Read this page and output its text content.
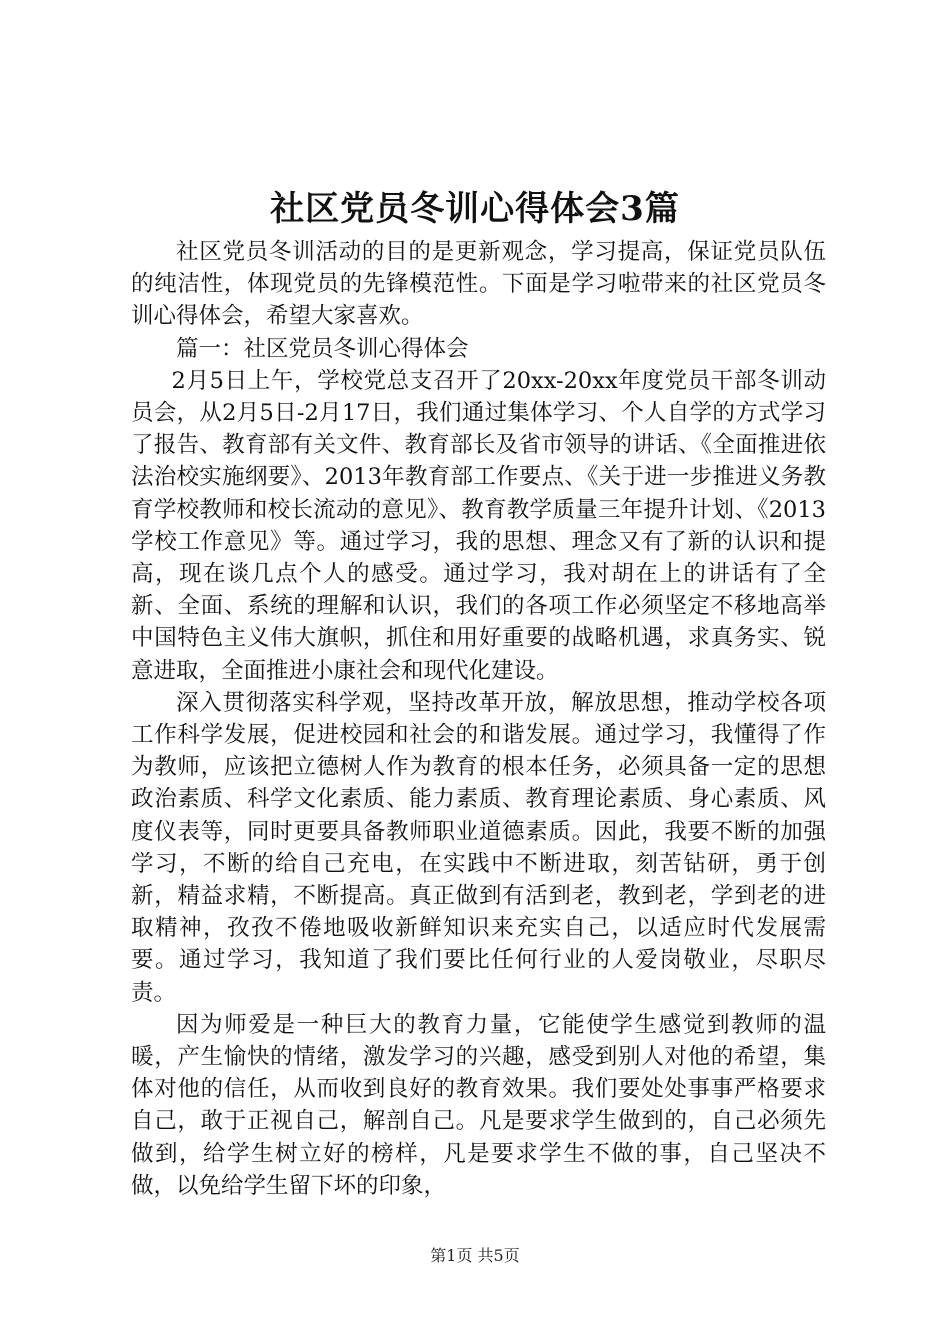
社区党员冬训心得体会3篇

社区党员冬训活动的目的是更新观念，学习提高，保证党员队伍的纯洁性，体现党员的先锋模范性。下面是学习啦带来的社区党员冬训心得体会，希望大家喜欢。

篇一：社区党员冬训心得体会

2月5日上午，学校党总支召开了20xx-20xx年度党员干部冬训动员会，从2月5日-2月17日，我们通过集体学习、个人自学的方式学习了报告、教育部有关文件、教育部长及省市领导的讲话、《全面推进依法治校实施纲要》、2013年教育部工作要点、《关于进一步推进义务教育学校教师和校长流动的意见》、教育教学质量三年提升计划、《2013学校工作意见》等。通过学习，我的思想、理念又有了新的认识和提高，现在谈几点个人的感受。通过学习，我对胡在上的讲话有了全新、全面、系统的理解和认识，我们的各项工作必须坚定不移地高举中国特色主义伟大旗帜，抓住和用好重要的战略机遇，求真务实、锐意进取，全面推进小康社会和现代化建设。

深入贯彻落实科学观，坚持改革开放，解放思想，推动学校各项工作科学发展，促进校园和社会的和谐发展。通过学习，我懂得了作为教师，应该把立德树人作为教育的根本任务，必须具备一定的思想政治素质、科学文化素质、能力素质、教育理论素质、身心素质、风度仪表等，同时更要具备教师职业道德素质。因此，我要不断的加强学习，不断的给自己充电，在实践中不断进取，刻苦钻研，勇于创新，精益求精，不断提高。真正做到有活到老，教到老，学到老的进取精神，孜孜不倦地吸收新鲜知识来充实自己，以适应时代发展需要。通过学习，我知道了我们要比任何行业的人爱岗敬业，尽职尽责。

因为师爱是一种巨大的教育力量，它能使学生感觉到教师的温暖，产生愉快的情绪，激发学习的兴趣，感受到别人对他的希望，集体对他的信任，从而收到良好的教育效果。我们要处处事事严格要求自己，敢于正视自己，解剖自己。凡是要求学生做到的，自己必须先做到，给学生树立好的榜样，凡是要求学生不做的事，自己坚决不做，以免给学生留下坏的印象，

第1页 共5页
